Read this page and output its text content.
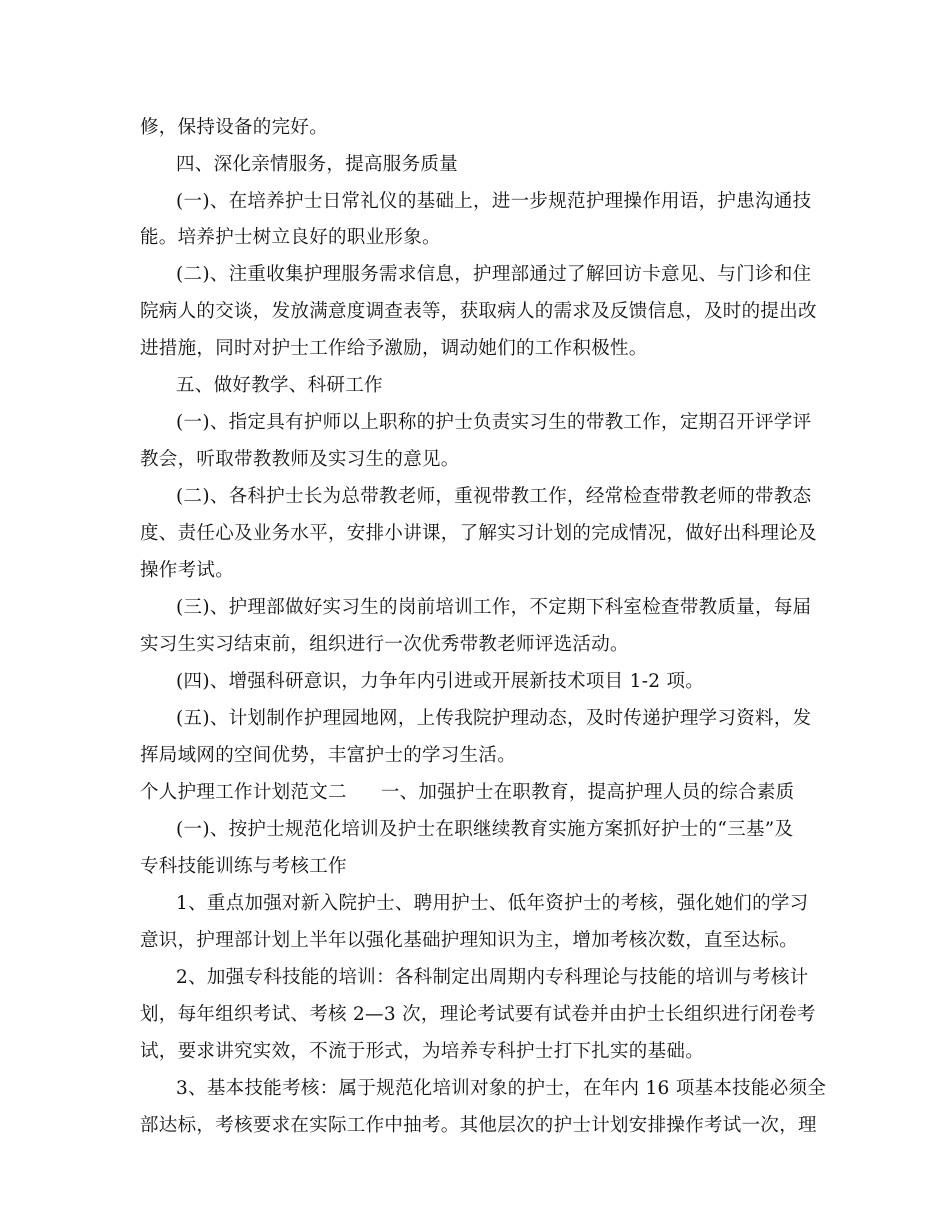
修，保持设备的完好。
四、深化亲情服务，提高服务质量
(一)、在培养护士日常礼仪的基础上，进一步规范护理操作用语，护患沟通技
能。培养护士树立良好的职业形象。
(二)、注重收集护理服务需求信息，护理部通过了解回访卡意见、与门诊和住
院病人的交谈，发放满意度调查表等，获取病人的需求及反馈信息，及时的提出改
进措施，同时对护士工作给予激励，调动她们的工作积极性。
五、做好教学、科研工作
(一)、指定具有护师以上职称的护士负责实习生的带教工作，定期召开评学评
教会，听取带教教师及实习生的意见。
(二)、各科护士长为总带教老师，重视带教工作，经常检查带教老师的带教态
度、责任心及业务水平，安排小讲课，了解实习计划的完成情况，做好出科理论及
操作考试。
(三)、护理部做好实习生的岗前培训工作，不定期下科室检查带教质量，每届
实习生实习结束前，组织进行一次优秀带教老师评选活动。
(四)、增强科研意识，力争年内引进或开展新技术项目 1-2 项。
(五)、计划制作护理园地网，上传我院护理动态，及时传递护理学习资料，发
挥局域网的空间优势，丰富护士的学习生活。
个人护理工作计划范文二 一、加强护士在职教育，提高护理人员的综合素质
(一)、按护士规范化培训及护士在职继续教育实施方案抓好护士的“三基”及
专科技能训练与考核工作
1、重点加强对新入院护士、聘用护士、低年资护士的考核，强化她们的学习
意识，护理部计划上半年以强化基础护理知识为主，增加考核次数，直至达标。
2、加强专科技能的培训：各科制定出周期内专科理论与技能的培训与考核计
划，每年组织考试、考核 2—3 次，理论考试要有试卷并由护士长组织进行闭卷考
试，要求讲究实效，不流于形式，为培养专科护士打下扎实的基础。
3、基本技能考核：属于规范化培训对象的护士，在年内 16 项基本技能必须全
部达标，考核要求在实际工作中抽考。其他层次的护士计划安排操作考试一次，理
